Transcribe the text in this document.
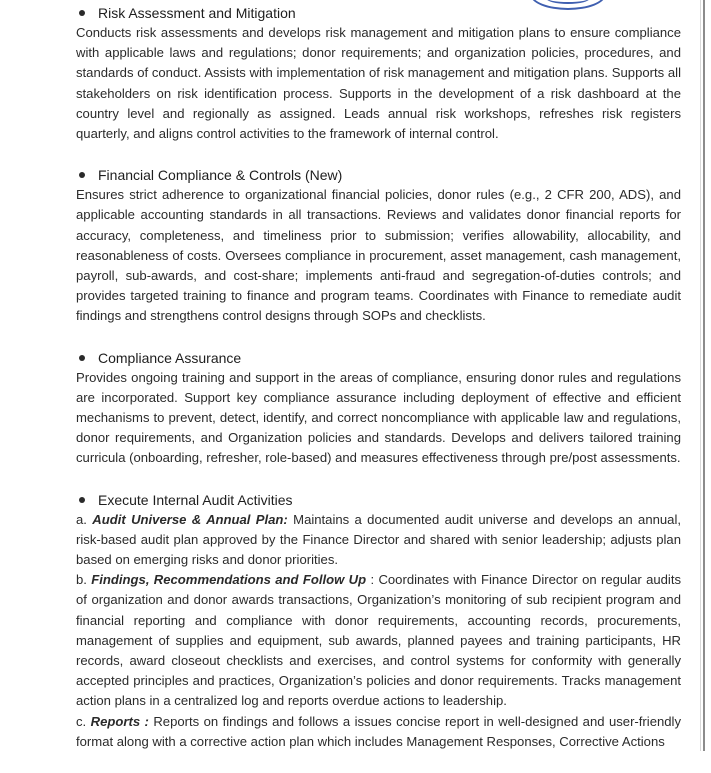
Risk Assessment and Mitigation

Conducts risk assessments and develops risk management and mitigation plans to ensure compliance with applicable laws and regulations; donor requirements; and organization policies, procedures, and standards of conduct. Assists with implementation of risk management and mitigation plans. Supports all stakeholders on risk identification process. Supports in the development of a risk dashboard at the country level and regionally as assigned. Leads annual risk workshops, refreshes risk registers quarterly, and aligns control activities to the framework of internal control.

Financial Compliance & Controls (New)

Ensures strict adherence to organizational financial policies, donor rules (e.g., 2 CFR 200, ADS), and applicable accounting standards in all transactions. Reviews and validates donor financial reports for accuracy, completeness, and timeliness prior to submission; verifies allowability, allocability, and reasonableness of costs. Oversees compliance in procurement, asset management, cash management, payroll, sub-awards, and cost-share; implements anti-fraud and segregation-of-duties controls; and provides targeted training to finance and program teams. Coordinates with Finance to remediate audit findings and strengthens control designs through SOPs and checklists.

Compliance Assurance

Provides ongoing training and support in the areas of compliance, ensuring donor rules and regulations are incorporated. Support key compliance assurance including deployment of effective and efficient mechanisms to prevent, detect, identify, and correct noncompliance with applicable law and regulations, donor requirements, and Organization policies and standards. Develops and delivers tailored training curricula (onboarding, refresher, role-based) and measures effectiveness through pre/post assessments.

Execute Internal Audit Activities

a. Audit Universe & Annual Plan: Maintains a documented audit universe and develops an annual, risk-based audit plan approved by the Finance Director and shared with senior leadership; adjusts plan based on emerging risks and donor priorities.

b. Findings, Recommendations and Follow Up : Coordinates with Finance Director on regular audits of organization and donor awards transactions, Organization’s monitoring of sub recipient program and financial reporting and compliance with donor requirements, accounting records, procurements, management of supplies and equipment, sub awards, planned payees and training participants, HR records, award closeout checklists and exercises, and control systems for conformity with generally accepted principles and practices, Organization’s policies and donor requirements. Tracks management action plans in a centralized log and reports overdue actions to leadership.

c. Reports : Reports on findings and follows a issues concise report in well-designed and user-friendly format along with a corrective action plan which includes Management Responses, Corrective Actions
